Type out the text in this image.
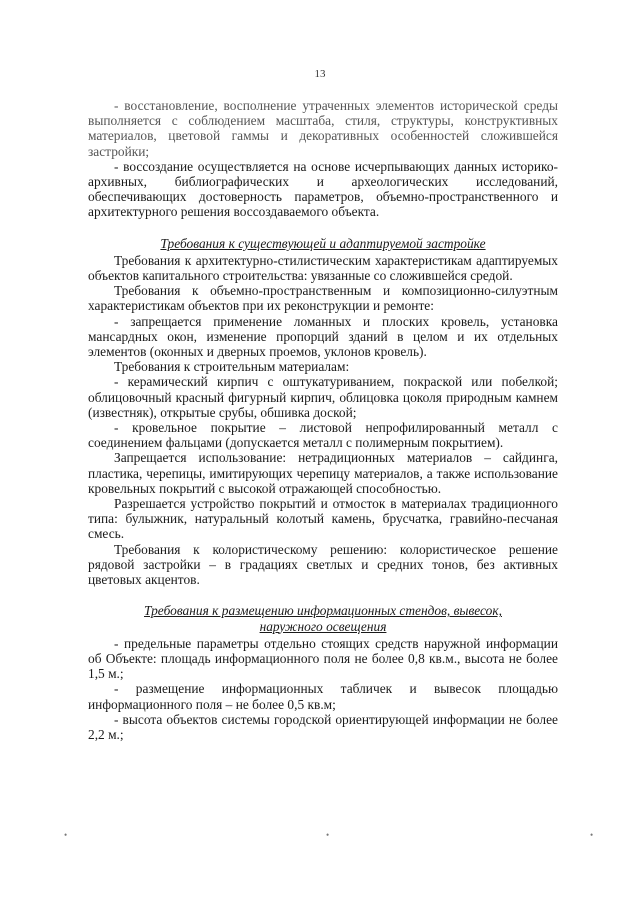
13

- восстановление, восполнение утраченных элементов исторической среды выполняется с соблюдением масштаба, стиля, структуры, конструктивных материалов, цветовой гаммы и декоративных особенностей сложившейся застройки;

- воссоздание осуществляется на основе исчерпывающих данных историко-архивных, библиографических и археологических исследований, обеспечивающих достоверность параметров, объемно-пространственного и архитектурного решения воссоздаваемого объекта.

Требования к существующей и адаптируемой застройке

Требования к архитектурно-стилистическим характеристикам адаптируемых объектов капитального строительства: увязанные со сложившейся средой.

Требования к объемно-пространственным и композиционно-силуэтным характеристикам объектов при их реконструкции и ремонте:

- запрещается применение ломанных и плоских кровель, установка мансардных окон, изменение пропорций зданий в целом и их отдельных элементов (оконных и дверных проемов, уклонов кровель).

Требования к строительным материалам:

- керамический кирпич с оштукатуриванием, покраской или побелкой; облицовочный красный фигурный кирпич, облицовка цоколя природным камнем (известняк), открытые срубы, обшивка доской;

- кровельное покрытие – листовой непрофилированный металл с соединением фальцами (допускается металл с полимерным покрытием).

Запрещается использование: нетрадиционных материалов – сайдинга, пластика, черепицы, имитирующих черепицу материалов, а также использование кровельных покрытий с высокой отражающей способностью.

Разрешается устройство покрытий и отмосток в материалах традиционного типа: булыжник, натуральный колотый камень, брусчатка, гравийно-песчаная смесь.

Требования к колористическому решению: колористическое решение рядовой застройки – в градациях светлых и средних тонов, без активных цветовых акцентов.

Требования к размещению информационных стендов, вывесок,

наружного освещения

- предельные параметры отдельно стоящих средств наружной информации об Объекте: площадь информационного поля не более 0,8 кв.м., высота не более 1,5 м.;

- размещение информационных табличек и вывесок площадью информационного поля – не более 0,5 кв.м;

- высота объектов системы городской ориентирующей информации не более 2,2 м.;

•	•	•
